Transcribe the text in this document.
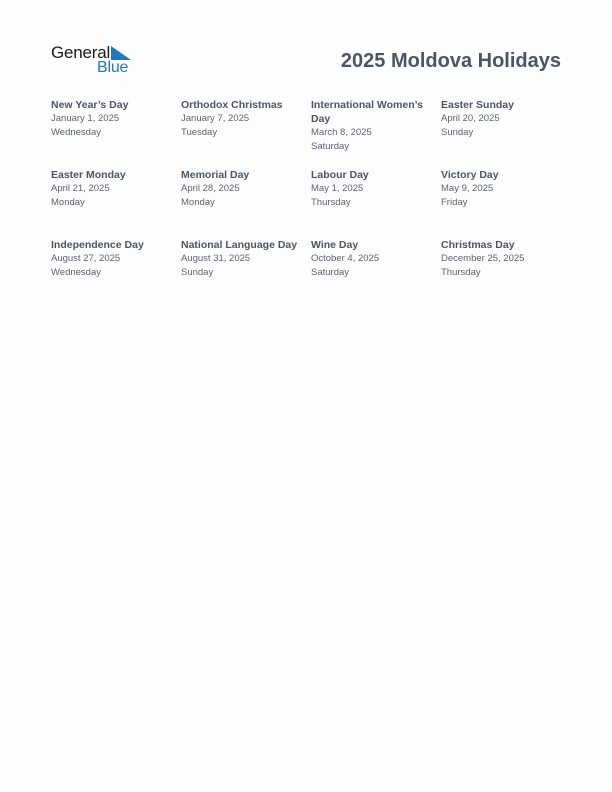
General
Blue	2025 Moldova Holidays
New Year’s Day
January 1, 2025
Wednesday
Orthodox Christmas
January 7, 2025
Tuesday
International Women’s Day
March 8, 2025
Saturday
Easter Sunday
April 20, 2025
Sunday
Easter Monday
April 21, 2025
Monday
Memorial Day
April 28, 2025
Monday
Labour Day
May 1, 2025
Thursday
Victory Day
May 9, 2025
Friday
Independence Day
August 27, 2025
Wednesday
National Language Day
August 31, 2025
Sunday
Wine Day
October 4, 2025
Saturday
Christmas Day
December 25, 2025
Thursday
